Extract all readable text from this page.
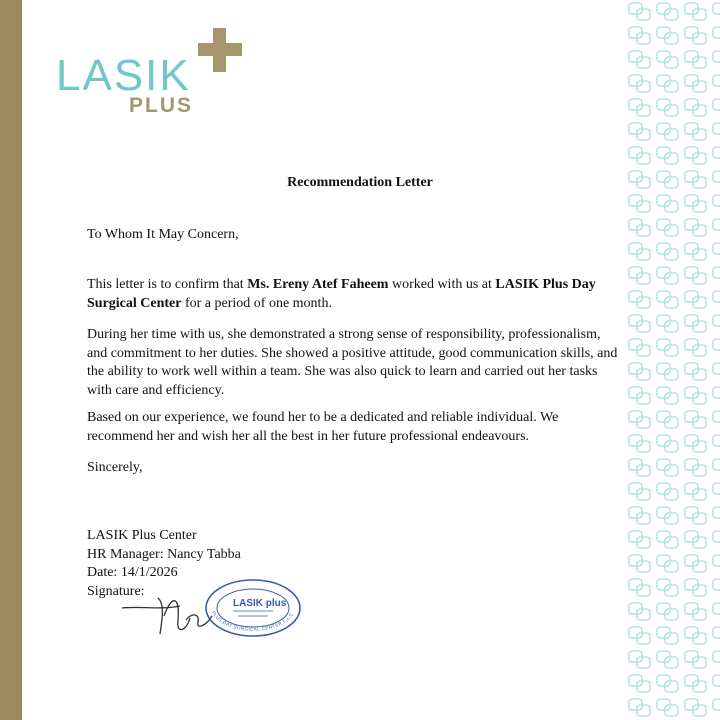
LASIK
PLUS
Recommendation Letter
To Whom It May Concern,
This letter is to confirm that Ms. Ereny Atef Faheem worked with us at LASIK Plus Day Surgical Center for a period of one month.
During her time with us, she demonstrated a strong sense of responsibility, professionalism, and commitment to her duties. She showed a positive attitude, good communication skills, and the ability to work well within a team. She was also quick to learn and carried out her tasks with care and efficiency.
Based on our experience, we found her to be a dedicated and reliable individual. We recommend her and wish her all the best in her future professional endeavours.
Sincerely,
LASIK Plus Center
HR Manager: Nancy Tabba
Date: 14/1/2026
Signature:
PLUS DAY SURGICAL CENTER L.L.C
LASIK plus
